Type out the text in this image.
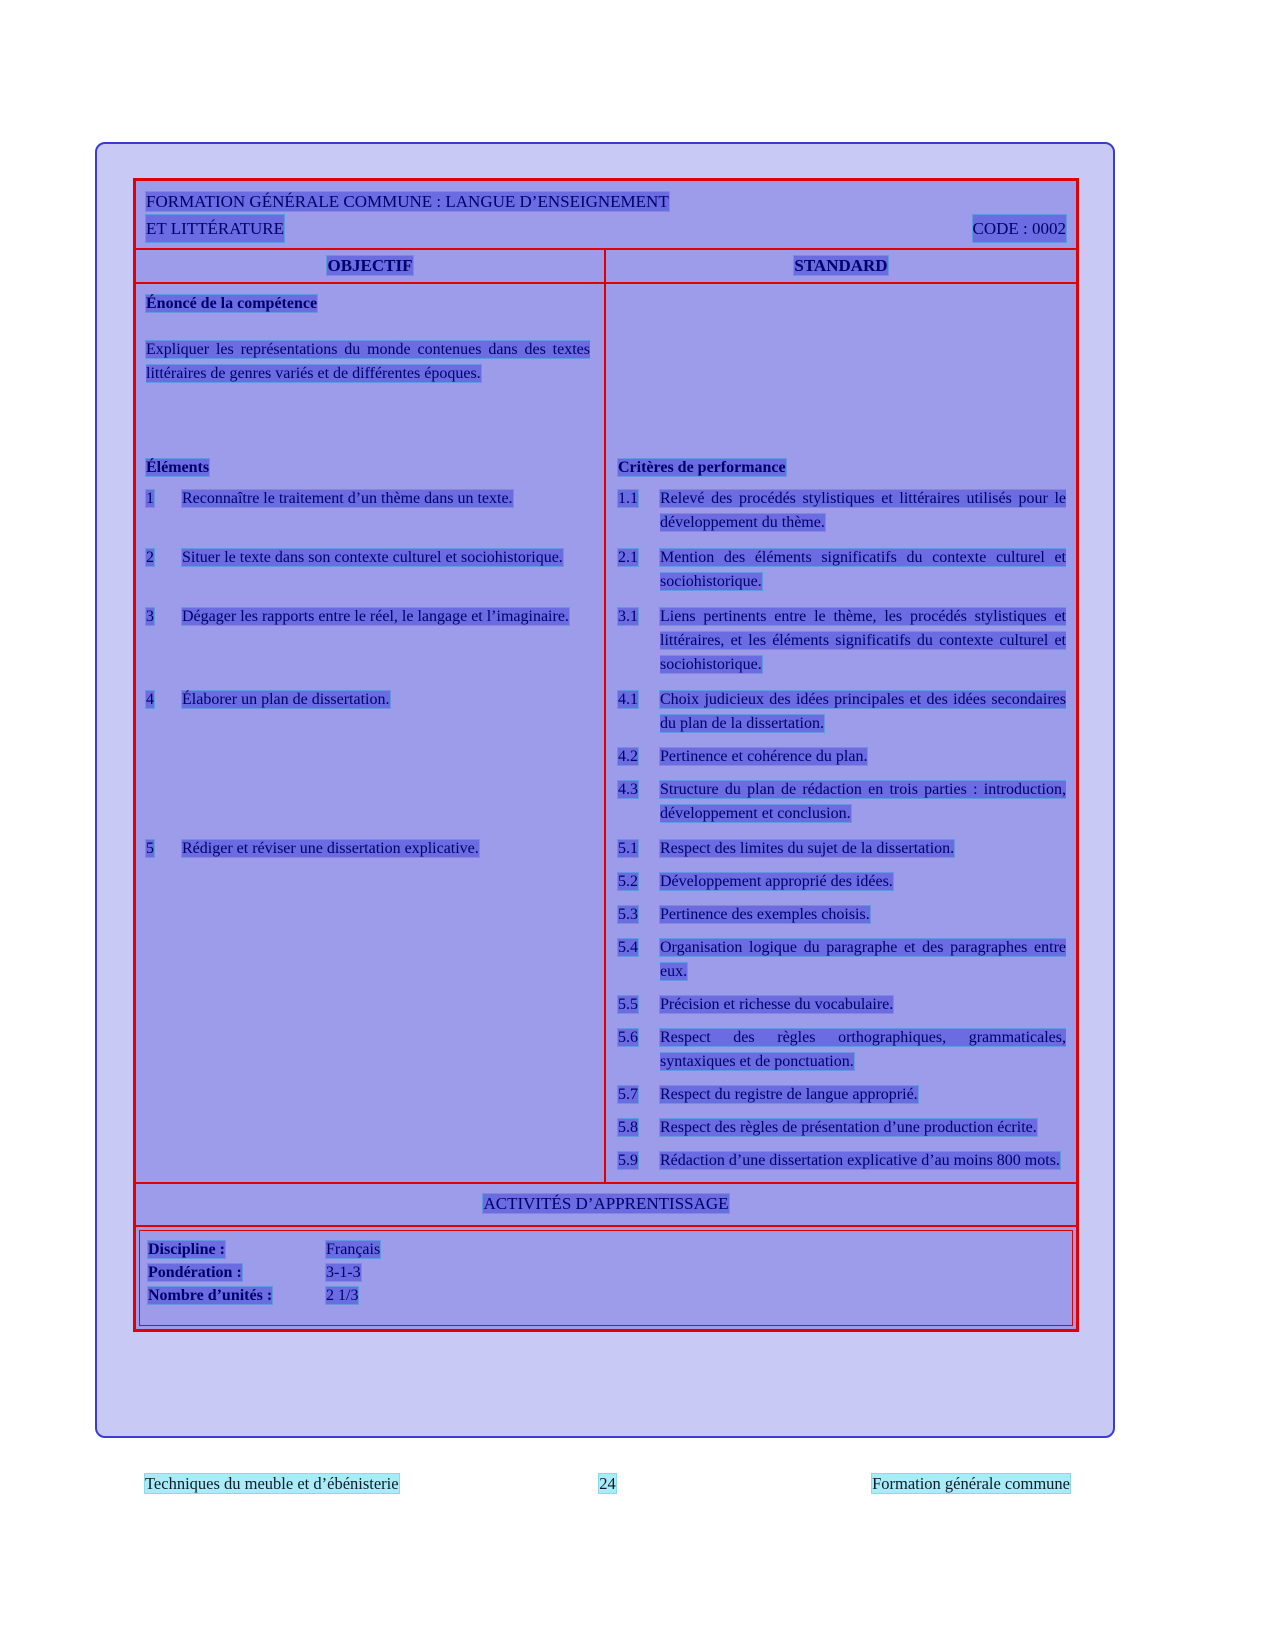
FORMATION GÉNÉRALE COMMUNE : LANGUE D’ENSEIGNEMENT
ET LITTÉRATURE	CODE : 0002
OBJECTIF	STANDARD
Énoncé de la compétence
Expliquer les représentations du monde contenues dans des textes littéraires de genres variés et de différentes époques.
Éléments	Critères de performance
1	Reconnaître le traitement d’un thème dans un texte.	1.1	Relevé des procédés stylistiques et littéraires utilisés pour le développement du thème.
2	Situer le texte dans son contexte culturel et sociohistorique.	2.1	Mention des éléments significatifs du contexte culturel et sociohistorique.
3	Dégager les rapports entre le réel, le langage et l’imaginaire.	3.1	Liens pertinents entre le thème, les procédés stylistiques et littéraires, et les éléments significatifs du contexte culturel et sociohistorique.
4	Élaborer un plan de dissertation.	4.1	Choix judicieux des idées principales et des idées secondaires du plan de la dissertation.
4.2	Pertinence et cohérence du plan.
4.3	Structure du plan de rédaction en trois parties : introduction, développement et conclusion.
5	Rédiger et réviser une dissertation explicative.	5.1	Respect des limites du sujet de la dissertation.
5.2	Développement approprié des idées.
5.3	Pertinence des exemples choisis.
5.4	Organisation logique du paragraphe et des paragraphes entre eux.
5.5	Précision et richesse du vocabulaire.
5.6	Respect des règles orthographiques, grammaticales, syntaxiques et de ponctuation.
5.7	Respect du registre de langue approprié.
5.8	Respect des règles de présentation d’une production écrite.
5.9	Rédaction d’une dissertation explicative d’au moins 800 mots.
ACTIVITÉS D’APPRENTISSAGE
Discipline :	Français
Pondération :	3-1-3
Nombre d’unités :	2 1/3
Techniques du meuble et d’ébénisterie	24	Formation générale commune
